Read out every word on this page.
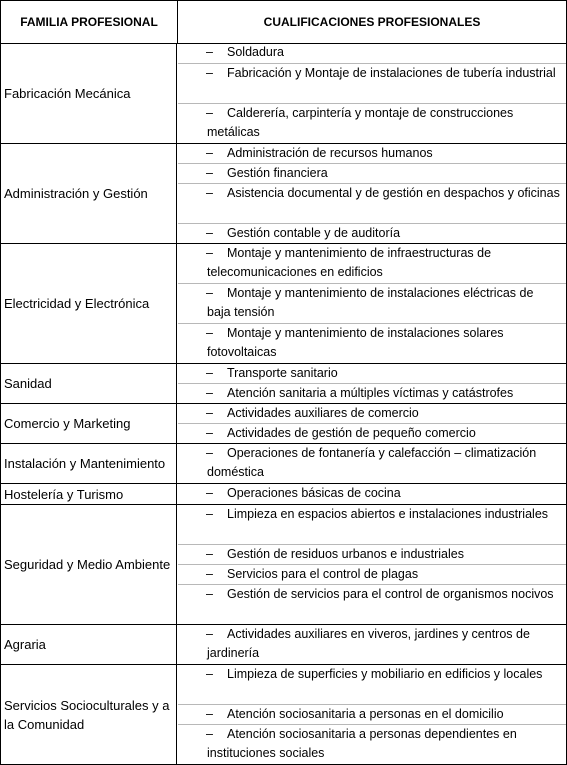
FAMILIA PROFESIONAL	CUALIFICACIONES PROFESIONALES
Fabricación Mecánica
–	Soldadura
–	Fabricación y Montaje de instalaciones de tubería industrial
–	Calderería, carpintería y montaje de construcciones metálicas
Administración y Gestión
–	Administración de recursos humanos
–	Gestión financiera
–	Asistencia documental y de gestión en despachos y oficinas
–	Gestión contable y de auditoría
Electricidad y Electrónica
–	Montaje y mantenimiento de infraestructuras de telecomunicaciones en edificios
–	Montaje y mantenimiento de instalaciones eléctricas de baja tensión
–	Montaje y mantenimiento de instalaciones solares fotovoltaicas
Sanidad
–	Transporte sanitario
–	Atención sanitaria a múltiples víctimas y catástrofes
Comercio y Marketing
–	Actividades auxiliares de comercio
–	Actividades de gestión de pequeño comercio
Instalación y Mantenimiento
–	Operaciones de fontanería y calefacción – climatización doméstica
Hostelería y Turismo	–	Operaciones básicas de cocina
Seguridad y Medio Ambiente
–	Limpieza en espacios abiertos e instalaciones industriales
–	Gestión de residuos urbanos e industriales
–	Servicios para el control de plagas
–	Gestión de servicios para el control de organismos nocivos
Agraria
–	Actividades auxiliares en viveros, jardines y centros de jardinería
Servicios Socioculturales y a la Comunidad
–	Limpieza de superficies y mobiliario en edificios y locales
–	Atención sociosanitaria a personas en el domicilio
–	Atención sociosanitaria a personas dependientes en instituciones sociales
